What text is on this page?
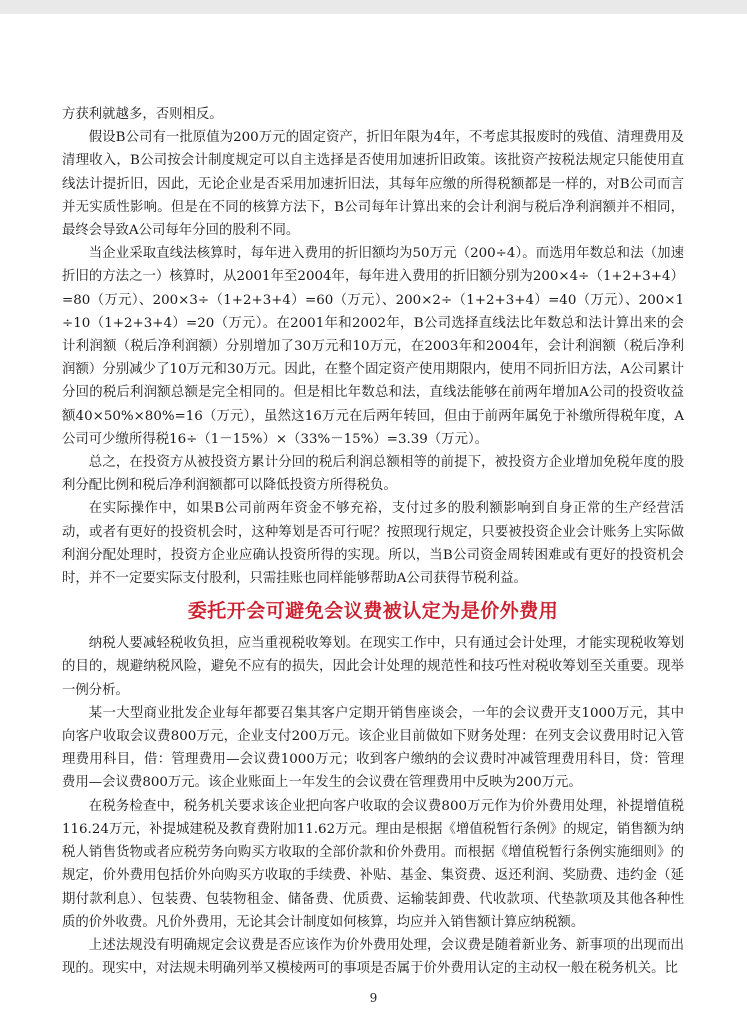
方获利就越多，否则相反。

假设B公司有一批原值为200万元的固定资产，折旧年限为4年，不考虑其报废时的残值、清理费用及清理收入，B公司按会计制度规定可以自主选择是否使用加速折旧政策。该批资产按税法规定只能使用直线法计提折旧，因此，无论企业是否采用加速折旧法，其每年应缴的所得税额都是一样的，对B公司而言并无实质性影响。但是在不同的核算方法下，B公司每年计算出来的会计利润与税后净利润额并不相同，最终会导致A公司每年分回的股利不同。

当企业采取直线法核算时，每年进入费用的折旧额均为50万元（200÷4）。而选用年数总和法（加速折旧的方法之一）核算时，从2001年至2004年，每年进入费用的折旧额分别为200×4÷（1+2+3+4）=80（万元）、200×3÷（1+2+3+4）=60（万元）、200×2÷（1+2+3+4）=40（万元）、200×1÷10（1+2+3+4）=20（万元）。在2001年和2002年，B公司选择直线法比年数总和法计算出来的会计利润额（税后净利润额）分别增加了30万元和10万元，在2003年和2004年，会计利润额（税后净利润额）分别减少了10万元和30万元。因此，在整个固定资产使用期限内，使用不同折旧方法，A公司累计分回的税后利润额总额是完全相同的。但是相比年数总和法，直线法能够在前两年增加A公司的投资收益额40×50%×80%=16（万元），虽然这16万元在后两年转回，但由于前两年属免于补缴所得税年度，A公司可少缴所得税16÷（1－15%）×（33%－15%）=3.39（万元）。

总之，在投资方从被投资方累计分回的税后利润总额相等的前提下，被投资方企业增加免税年度的股利分配比例和税后净利润额都可以降低投资方所得税负。

在实际操作中，如果B公司前两年资金不够充裕，支付过多的股利额影响到自身正常的生产经营活动，或者有更好的投资机会时，这种筹划是否可行呢？按照现行规定，只要被投资企业会计账务上实际做利润分配处理时，投资方企业应确认投资所得的实现。所以，当B公司资金周转困难或有更好的投资机会时，并不一定要实际支付股利，只需挂账也同样能够帮助A公司获得节税利益。

委托开会可避免会议费被认定为是价外费用

纳税人要减轻税收负担，应当重视税收筹划。在现实工作中，只有通过会计处理，才能实现税收筹划的目的，规避纳税风险，避免不应有的损失，因此会计处理的规范性和技巧性对税收筹划至关重要。现举一例分析。

某一大型商业批发企业每年都要召集其客户定期开销售座谈会，一年的会议费开支1000万元，其中向客户收取会议费800万元，企业支付200万元。该企业目前做如下财务处理：在列支会议费用时记入管理费用科目，借：管理费用—会议费1000万元；收到客户缴纳的会议费时冲减管理费用科目，贷：管理费用—会议费800万元。该企业账面上一年发生的会议费在管理费用中反映为200万元。

在税务检查中，税务机关要求该企业把向客户收取的会议费800万元作为价外费用处理，补提增值税116.24万元，补提城建税及教育费附加11.62万元。理由是根据《增值税暂行条例》的规定，销售额为纳税人销售货物或者应税劳务向购买方收取的全部价款和价外费用。而根据《增值税暂行条例实施细则》的规定，价外费用包括价外向购买方收取的手续费、补贴、基金、集资费、返还利润、奖励费、违约金（延期付款利息）、包装费、包装物租金、储备费、优质费、运输装卸费、代收款项、代垫款项及其他各种性质的价外收费。凡价外费用，无论其会计制度如何核算，均应并入销售额计算应纳税额。

上述法规没有明确规定会议费是否应该作为价外费用处理，会议费是随着新业务、新事项的出现而出现的。现实中，对法规未明确列举又模棱两可的事项是否属于价外费用认定的主动权一般在税务机关。比

9
